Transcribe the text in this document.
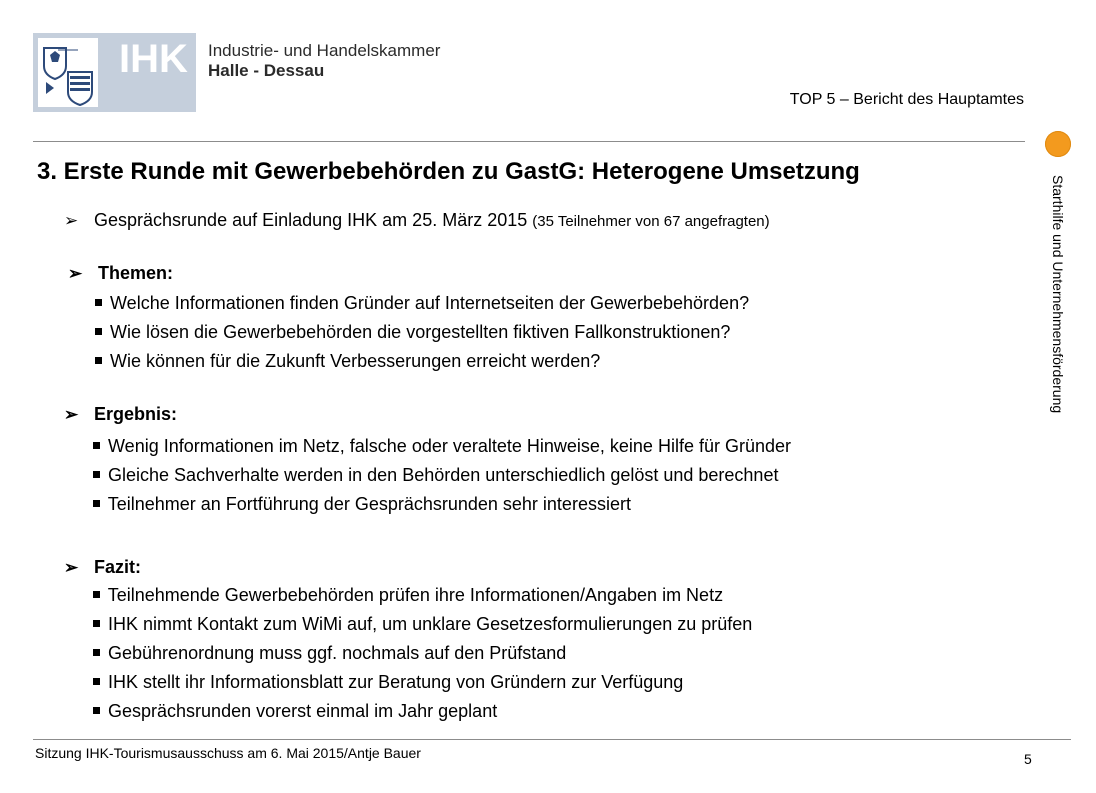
IHK Industrie- und Handelskammer
Halle - Dessau
TOP 5 – Bericht des Hauptamtes
Starthilfe und Unternehmensförderung
3. Erste Runde mit Gewerbebehörden zu GastG: Heterogene Umsetzung
➢ Gesprächsrunde auf Einladung IHK am 25. März 2015 (35 Teilnehmer von 67 angefragten)
➢ Themen:
Welche Informationen finden Gründer auf Internetseiten der Gewerbebehörden?
Wie lösen die Gewerbebehörden die vorgestellten fiktiven Fallkonstruktionen?
Wie können für die Zukunft Verbesserungen erreicht werden?
➢ Ergebnis:
Wenig Informationen im Netz, falsche oder veraltete Hinweise, keine Hilfe für Gründer
Gleiche Sachverhalte werden in den Behörden unterschiedlich gelöst und berechnet
Teilnehmer an Fortführung der Gesprächsrunden sehr interessiert
➢ Fazit:
Teilnehmende Gewerbebehörden prüfen ihre Informationen/Angaben im Netz
IHK nimmt Kontakt zum WiMi auf, um unklare Gesetzesformulierungen zu prüfen
Gebührenordnung muss ggf. nochmals auf den Prüfstand
IHK stellt ihr Informationsblatt zur Beratung von Gründern zur Verfügung
Gesprächsrunden vorerst einmal im Jahr geplant
Sitzung IHK-Tourismusausschuss am 6. Mai 2015/Antje Bauer	5
